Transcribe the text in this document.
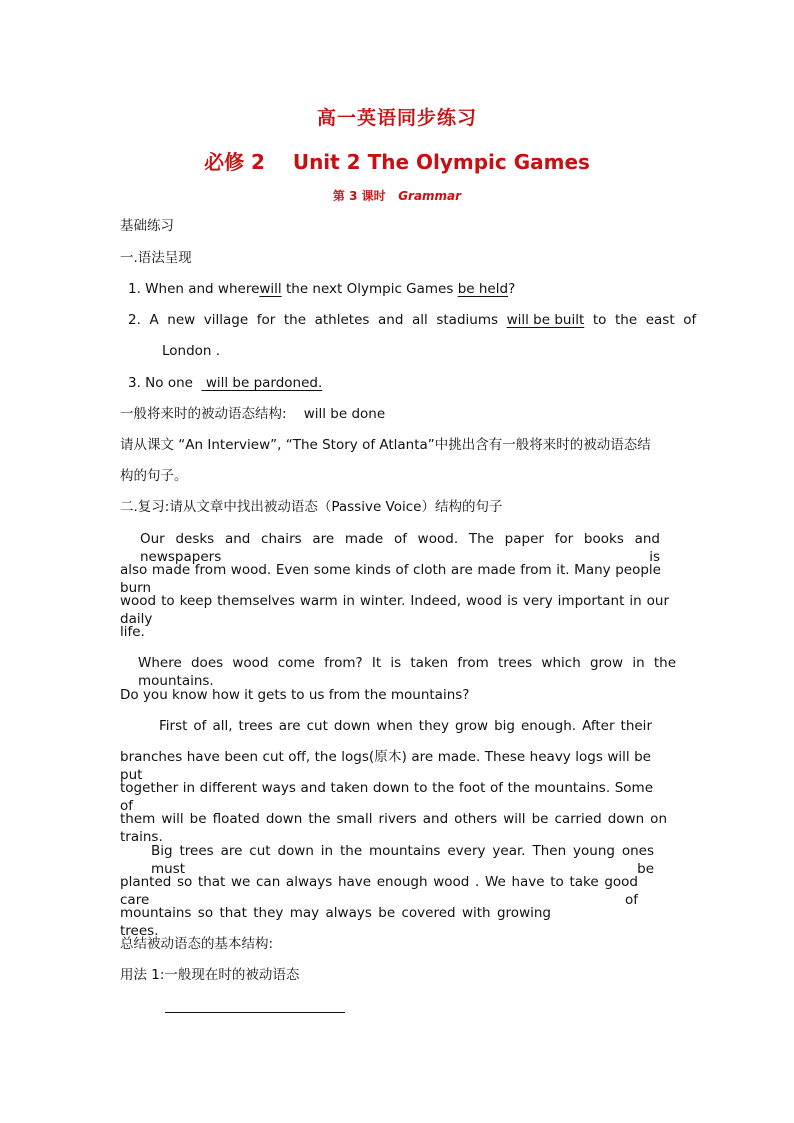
高一英语同步练习
必修 2 Unit 2 The Olympic Games
第 3 课时 Grammar
基础练习
一.语法呈现
1. When and wherewill the next Olympic Games be held?
2.  A  new  village  for  the  athletes  and  all  stadiums  will be built  to  the  east  of
London .
3. No one   will be pardoned.
一般将来时的被动语态结构:    will be done
请从课文 “An Interview”, “The Story of Atlanta”中挑出含有一般将来时的被动语态结
构的句子。
二.复习:请从文章中找出被动语态（Passive Voice）结构的句子
Our desks and chairs are made of wood. The paper for books and newspapers is
also made from wood. Even some kinds of cloth are made from it. Many people burn
wood to keep themselves warm in winter. Indeed, wood is very important in our daily
life.
Where does wood come from? It is taken from trees which grow in the mountains.
Do you know how it gets to us from the mountains?
First of all, trees are cut down when they grow big enough. After their
branches have been cut off, the logs(原木) are made. These heavy logs will be put
together in different ways and taken down to the foot of the mountains. Some of
them will be floated down the small rivers and others will be carried down on trains.
Big trees are cut down in the mountains every year. Then young ones must be
planted so that we can always have enough wood . We have to take good care of
mountains so that they may always be covered with growing trees.
总结被动语态的基本结构:
用法 1:一般现在时的被动语态
